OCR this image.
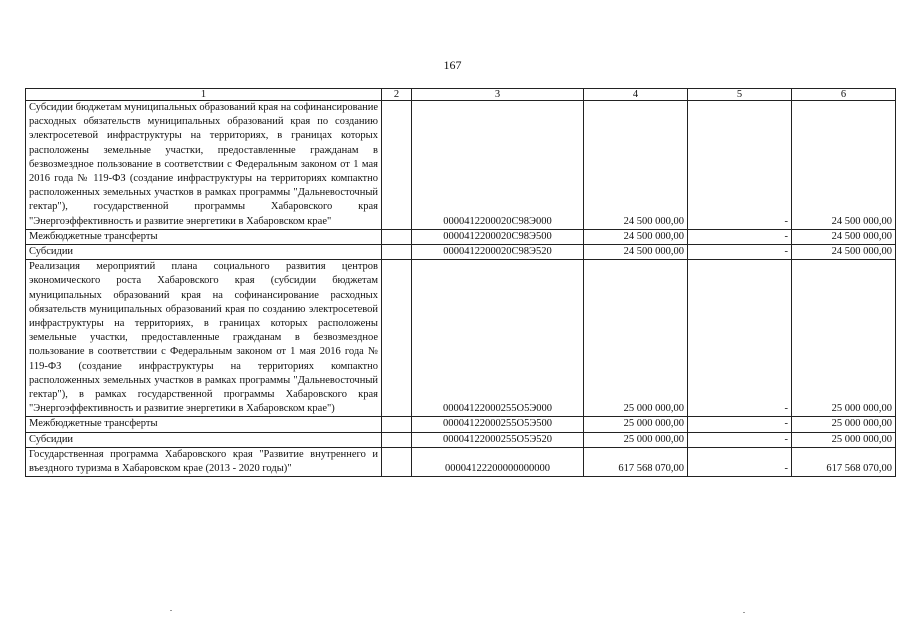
167
1	2	3	4	5	6
Субсидии бюджетам муниципальных образований края на софинансирование расходных обязательств муниципальных образований края по созданию электросетевой инфраструктуры на территориях, в границах которых расположены земельные участки, предоставленные гражданам в безвозмездное пользование в соответствии с Федеральным законом от 1 мая 2016 года № 119-ФЗ (создание инфраструктуры на территориях компактно расположенных земельных участков в рамках программы "Дальневосточный гектар"), государственной программы Хабаровского края "Энергоэффективность и развитие энергетики в Хабаровском крае"		0000412200020С98Э000	24 500 000,00	-	24 500 000,00
Межбюджетные трансферты		0000412200020С98Э500	24 500 000,00	-	24 500 000,00
Субсидии		0000412200020С98Э520	24 500 000,00	-	24 500 000,00
Реализация мероприятий плана социального развития центров экономического роста Хабаровского края (субсидии бюджетам муниципальных образований края на софинансирование расходных обязательств муниципальных образований края по созданию электросетевой инфраструктуры на территориях, в границах которых расположены земельные участки, предоставленные гражданам в безвозмездное пользование в соответствии с Федеральным законом от 1 мая 2016 года № 119-ФЗ (создание инфраструктуры на территориях компактно расположенных земельных участков в рамках программы "Дальневосточный гектар"), в рамках государственной программы Хабаровского края "Энергоэффективность и развитие энергетики в Хабаровском крае")		00004122000255О5Э000	25 000 000,00	-	25 000 000,00
Межбюджетные трансферты		00004122000255О5Э500	25 000 000,00	-	25 000 000,00
Субсидии		00004122000255О5Э520	25 000 000,00	-	25 000 000,00
Государственная программа Хабаровского края "Развитие внутреннего и въездного туризма в Хабаровском крае (2013 - 2020 годы)"		00004122200000000000	617 568 070,00	-	617 568 070,00
